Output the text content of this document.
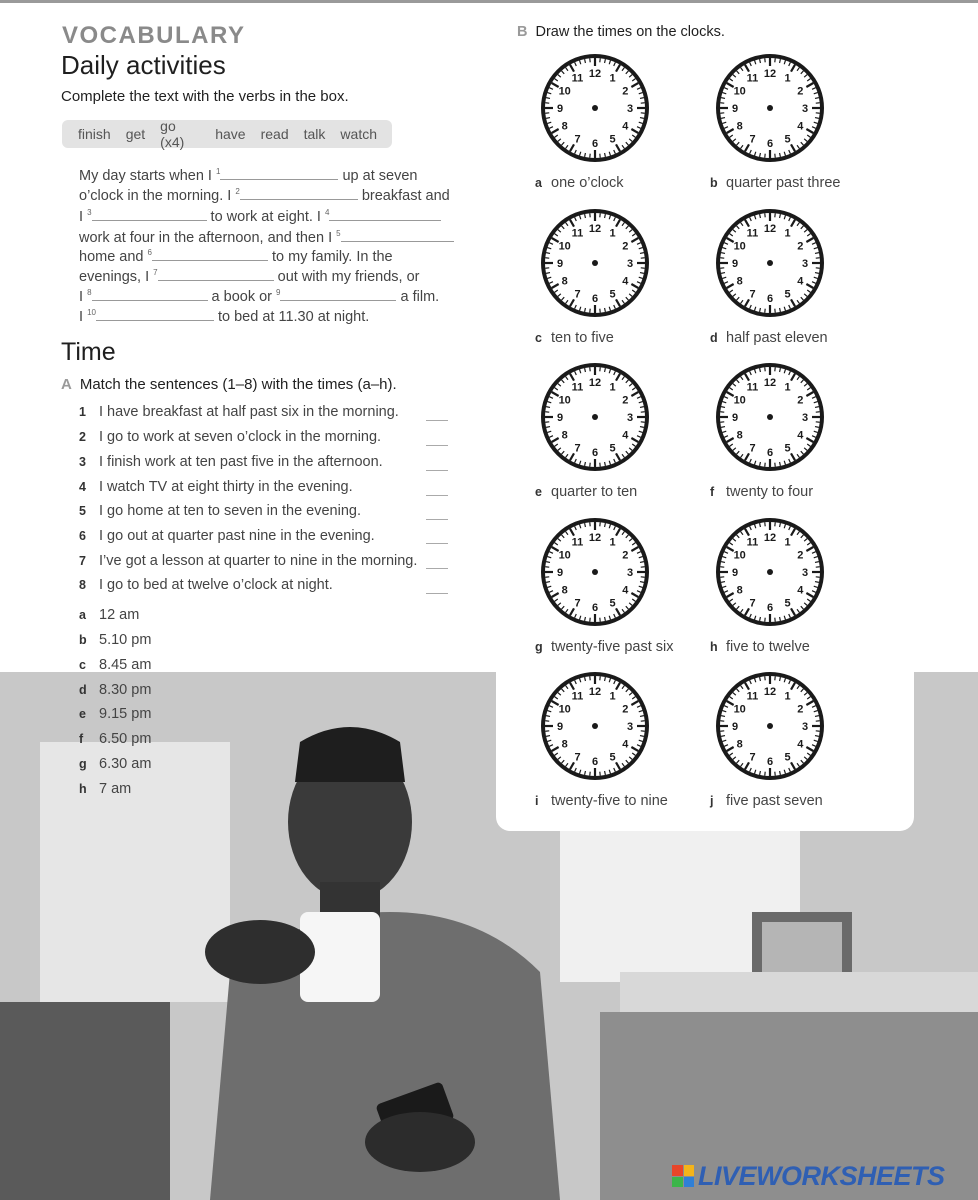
VOCABULARY
Daily activities
Complete the text with the verbs in the box.
finish get go (x4)	have read talk watch
My day starts when I $^1$	up at seven
o’clock in the morning. I $^2$	breakfast and
I $^3$	to work at eight. I $^4$
work at four in the afternoon, and then I $^5$
home and $^6$	to my family. In the
evenings, I $^7$	out with my friends, or
I $^8$	a book or $^9$	a film.
I $^{10}$	to bed at 11.30 at night.
Time
A Match the sentences (1–8) with the times (a–h).
1 I have breakfast at half past six in the morning.
2 I go to work at seven o’clock in the morning.
3 I finish work at ten past five in the afternoon.
4 I watch TV at eight thirty in the evening.
5 I go home at ten to seven in the evening.
6 I go out at quarter past nine in the evening.
7 I’ve got a lesson at quarter to nine in the morning.
8 I go to bed at twelve o’clock at night.
a 12 am
b 5.10 pm
c 8.45 am
d 8.30 pm
e 9.15 pm
f 6.50 pm
g 6.30 am
h 7 am
B Draw the times on the clocks.
12 1
2
3
4
5
6
7
8
9
10
11
a one o’clock
12 1
2
3
4
5
6
7
8
9
10
11
b quarter past three
12 1
2
3
4
5
6
7
8
9
10
11
c ten to five
12 1
2
3
4
5
6
7
8
9
10
11
d half past eleven
12 1
2
3
4
5
6
7
8
9
10
11
e quarter to ten
12 1
2
3
4
5
6
7
8
9
10
11
f twenty to four
12 1
2
3
4
5
6
7
8
9
10
11
g twenty-five past six
12 1
2
3
4
5
6
7
8
9
10
11
h five to twelve
12 1
2
3
4
5
6
7
8
9
10
11
i twenty-five to nine
12 1
2
3
4
5
6
7
8
9
10
11
j five past seven
LIVEWORKSHEETS
